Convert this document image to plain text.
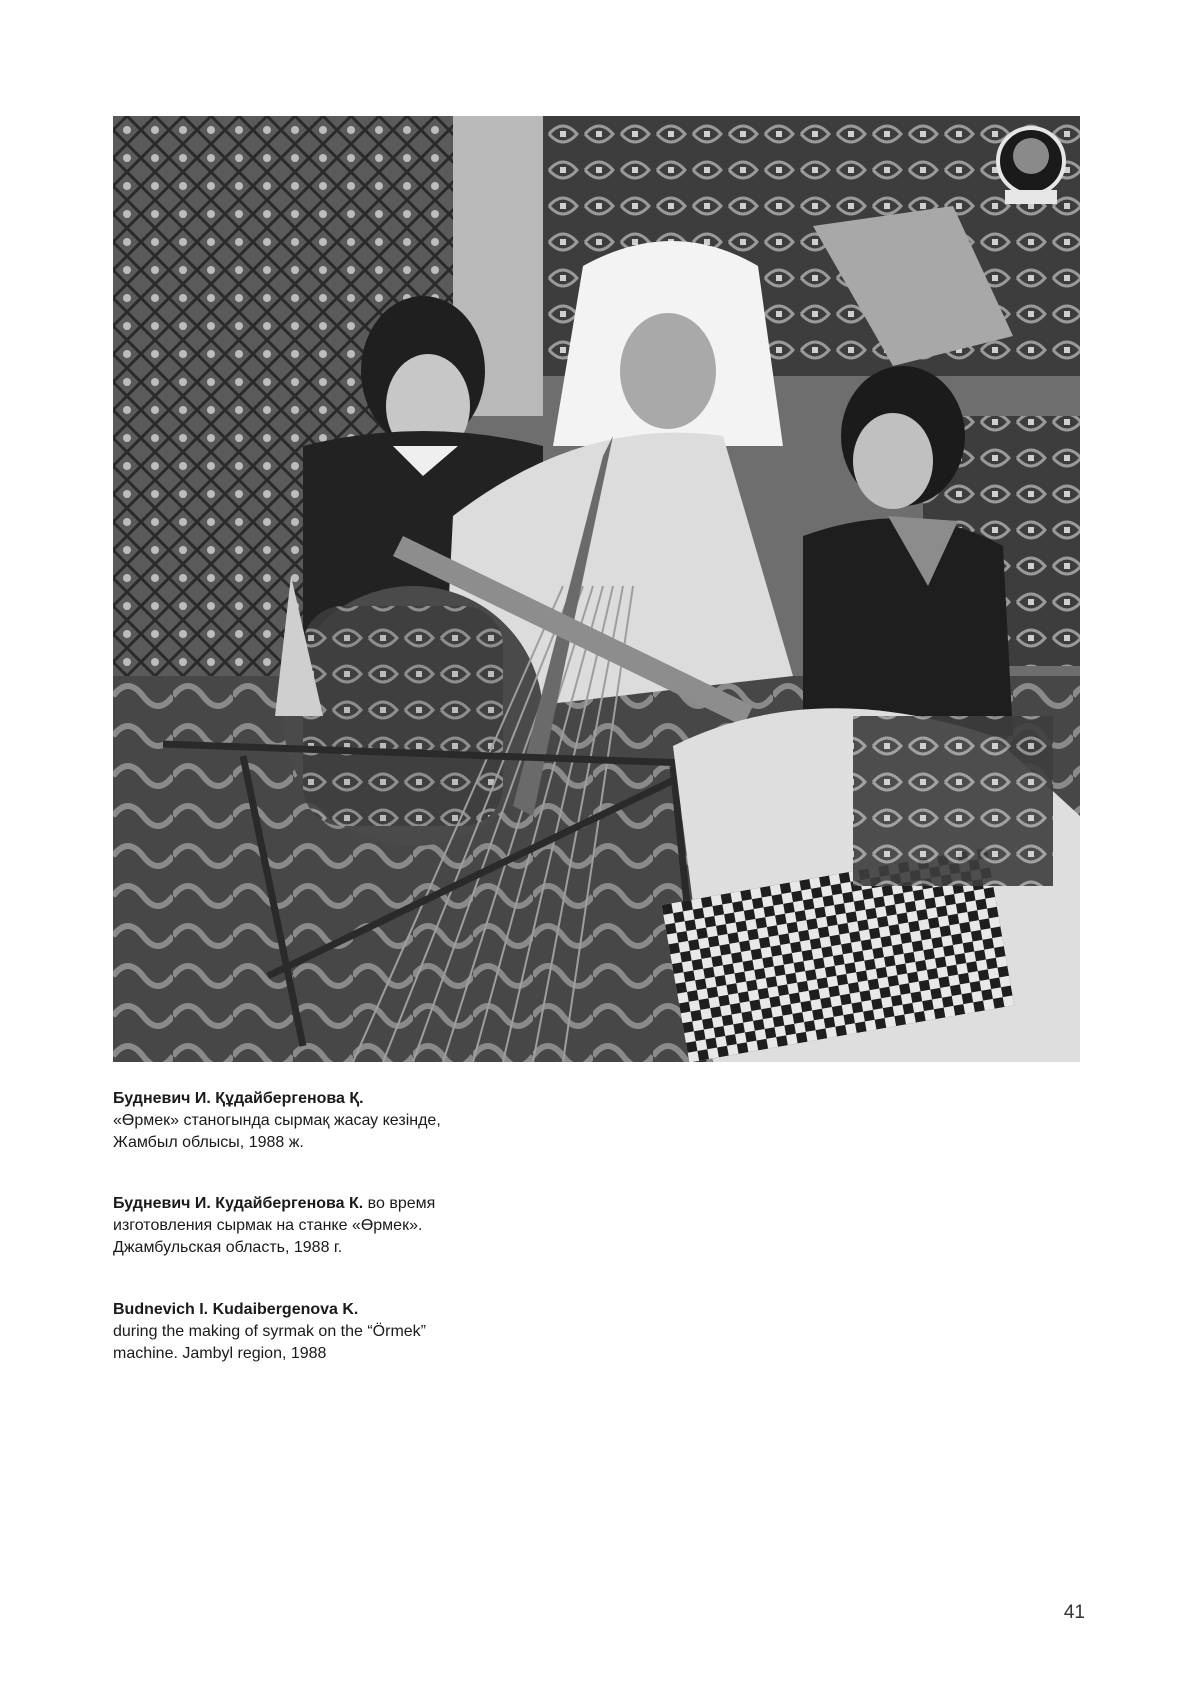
Будневич И. Құдайбергенова Қ.
«Өрмек» станогында сырмақ жасау кезінде,
Жамбыл облысы, 1988 ж.
Будневич И. Кудайбергенова К. во время
изготовления сырмак на станке «Өрмек».
Джамбульская область, 1988 г.
Budnevich I. Kudaibergenova K.
during the making of syrmak on the “Örmek”
machine. Jambyl region, 1988
41
